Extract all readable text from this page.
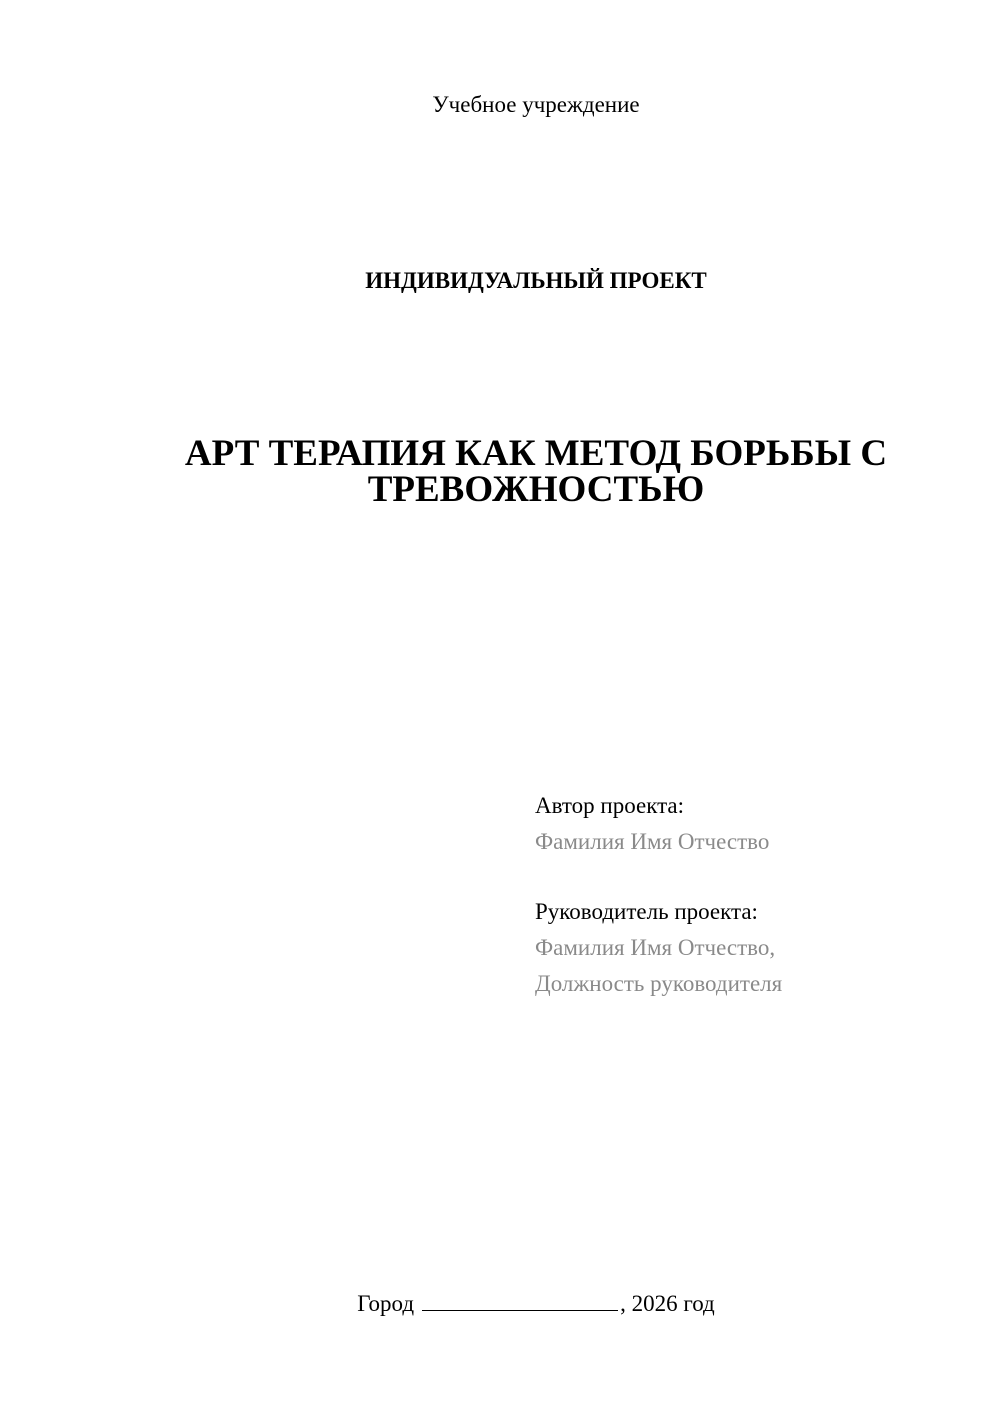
Учебное учреждение
ИНДИВИДУАЛЬНЫЙ ПРОЕКТ
АРТ ТЕРАПИЯ КАК МЕТОД БОРЬБЫ С
ТРЕВОЖНОСТЬЮ
Автор проекта:
Фамилия Имя Отчество
Руководитель проекта:
Фамилия Имя Отчество,
Должность руководителя
Город	, 2026 год
